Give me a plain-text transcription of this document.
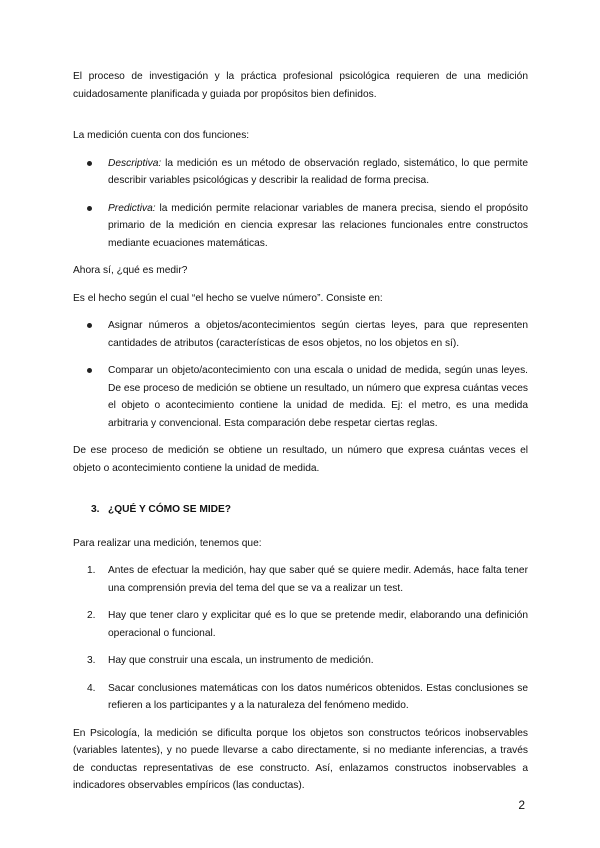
El proceso de investigación y la práctica profesional psicológica requieren de una medición cuidadosamente planificada y guiada por propósitos bien definidos.

La medición cuenta con dos funciones:

Descriptiva: la medición es un método de observación reglado, sistemático, lo que permite describir variables psicológicas y describir la realidad de forma precisa.

Predictiva: la medición permite relacionar variables de manera precisa, siendo el propósito primario de la medición en ciencia expresar las relaciones funcionales entre constructos mediante ecuaciones matemáticas.

Ahora sí, ¿qué es medir?

Es el hecho según el cual “el hecho se vuelve número”. Consiste en:

Asignar números a objetos/acontecimientos según ciertas leyes, para que representen cantidades de atributos (características de esos objetos, no los objetos en sí).

Comparar un objeto/acontecimiento con una escala o unidad de medida, según unas leyes. De ese proceso de medición se obtiene un resultado, un número que expresa cuántas veces el objeto o acontecimiento contiene la unidad de medida. Ej: el metro, es una medida arbitraria y convencional. Esta comparación debe respetar ciertas reglas.

De ese proceso de medición se obtiene un resultado, un número que expresa cuántas veces el objeto o acontecimiento contiene la unidad de medida.

3. ¿QUÉ Y CÓMO SE MIDE?

Para realizar una medición, tenemos que:

1. Antes de efectuar la medición, hay que saber qué se quiere medir. Además, hace falta tener una comprensión previa del tema del que se va a realizar un test.

2. Hay que tener claro y explicitar qué es lo que se pretende medir, elaborando una definición operacional o funcional.

3. Hay que construir una escala, un instrumento de medición.

4. Sacar conclusiones matemáticas con los datos numéricos obtenidos. Estas conclusiones se refieren a los participantes y a la naturaleza del fenómeno medido.

En Psicología, la medición se dificulta porque los objetos son constructos teóricos inobservables (variables latentes), y no puede llevarse a cabo directamente, si no mediante inferencias, a través de conductas representativas de ese constructo. Así, enlazamos constructos inobservables a indicadores observables empíricos (las conductas).

2
